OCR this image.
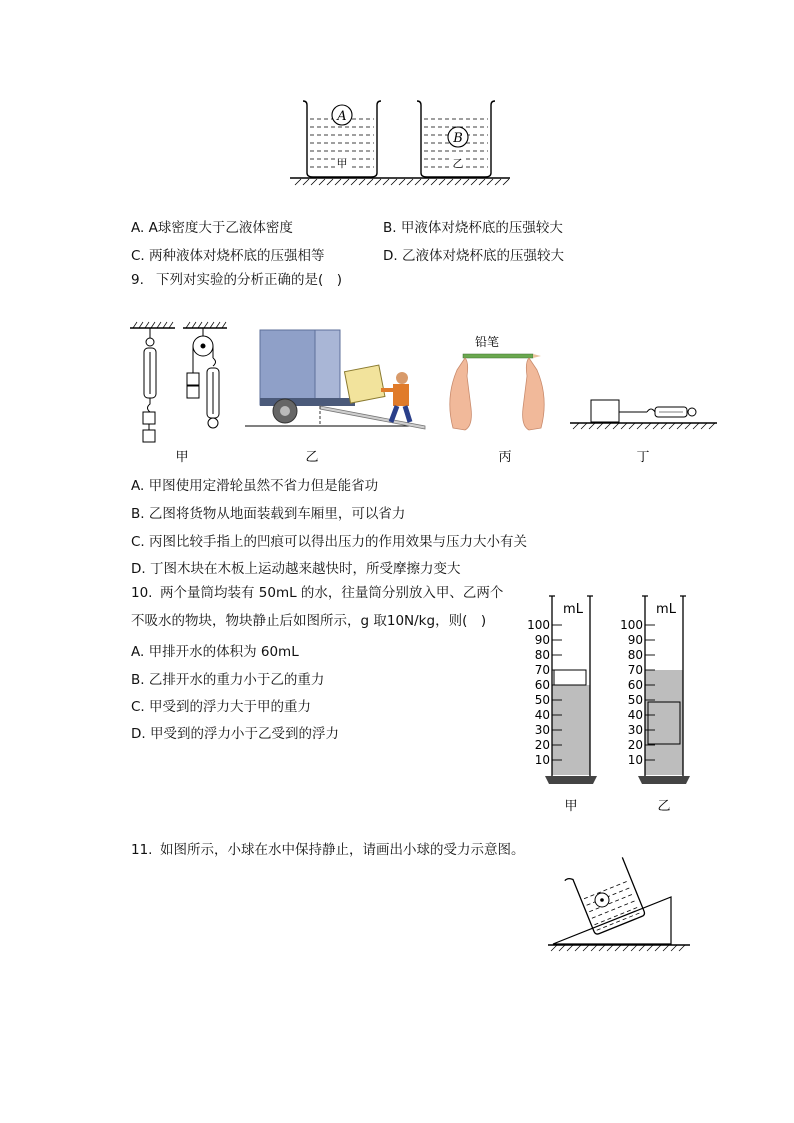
A
甲
B
乙
A. A球密度大于乙液体密度	B. 甲液体对烧杯底的压强较大
C. 两种液体对烧杯底的压强相等	D. 乙液体对烧杯底的压强较大
9. 下列对实验的分析正确的是(　)
甲	乙
铅笔
丙	丁
A. 甲图使用定滑轮虽然不省力但是能省功
B. 乙图将货物从地面装载到车厢里，可以省力
C. 丙图比较手指上的凹痕可以得出压力的作用效果与压力大小有关
D. 丁图木块在木板上运动越来越快时，所受摩擦力变大
10. 两个量筒均装有 50mL 的水，往量筒分别放入甲、乙两个
不吸水的物块，物块静止后如图所示，g 取10N/kg，则(　)
A. 甲排开水的体积为 60mL
B. 乙排开水的重力小于乙的重力
C. 甲受到的浮力大于甲的重力
D. 甲受到的浮力小于乙受到的浮力
mL
100
90
80
70
60
50
40
30
20
10
甲
mL
100
90
80
70
60
50
40
30
20
10
乙
11. 如图所示，小球在水中保持静止，请画出小球的受力示意图。
